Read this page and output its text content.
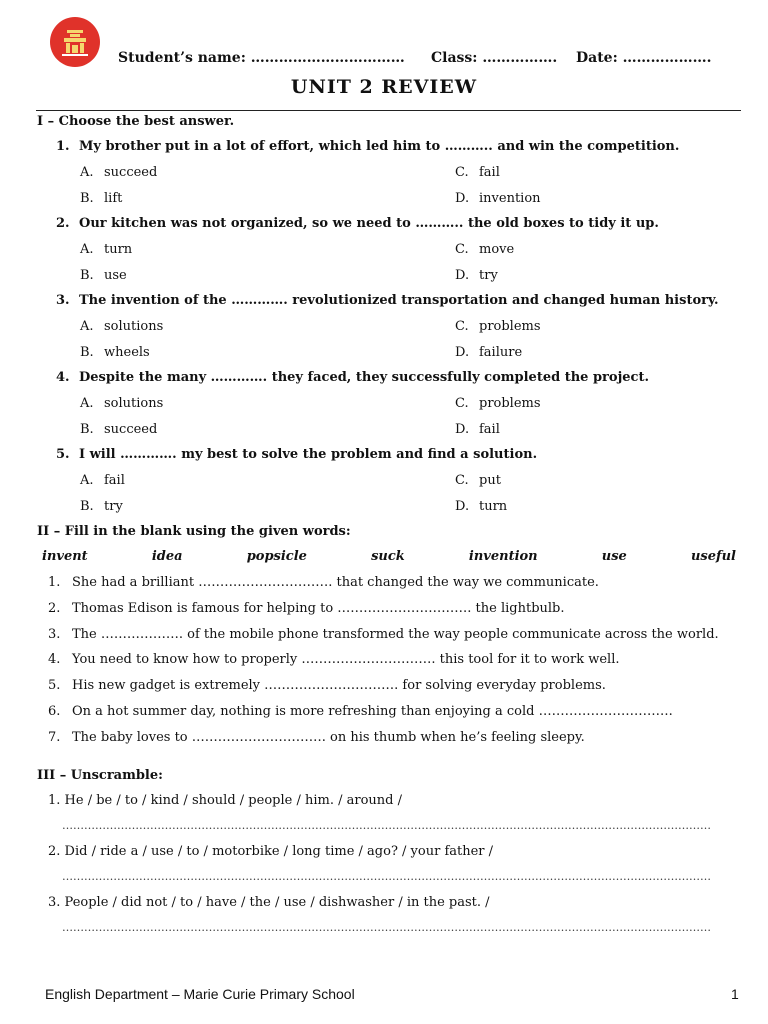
Student’s name: …………………………… Class: ……………. Date: ……………….
UNIT 2 REVIEW
I – Choose the best answer.
1. My brother put in a lot of effort, which led him to ……….. and win the competition.
A. succeed
B. lift
C. fail
D. invention
2. Our kitchen was not organized, so we need to ……….. the old boxes to tidy it up.
A. turn
B. use
C. move
D. try
3. The invention of the …………. revolutionized transportation and changed human history.
A. solutions
B. wheels
C. problems
D. failure
4. Despite the many …………. they faced, they successfully completed the project.
A. solutions
B. succeed
C. problems
D. fail
5. I will …………. my best to solve the problem and find a solution.
A. fail
B. try
C. put
D. turn
II – Fill in the blank using the given words:
invent	idea	popsicle	suck	invention	use	useful
1. She had a brilliant …………………………. that changed the way we communicate.
2. Thomas Edison is famous for helping to …………………………. the lightbulb.
3. The ………………. of the mobile phone transformed the way people communicate across the world.
4. You need to know how to properly …………………………. this tool for it to work well.
5. His new gadget is extremely …………………………. for solving everyday problems.
6. On a hot summer day, nothing is more refreshing than enjoying a cold ………………………….
7. The baby loves to …………………………. on his thumb when he’s feeling sleepy.
III – Unscramble:
1. He / be / to / kind / should / people / him. / around /
……………………………………………………………………………………………………………………………………………………………
2. Did / ride a / use / to / motorbike / long time / ago? / your father /
……………………………………………………………………………………………………………………………………………………………
3. People / did not / to / have / the / use / dishwasher / in the past. /
……………………………………………………………………………………………………………………………………………………………
English Department – Marie Curie Primary School	1
